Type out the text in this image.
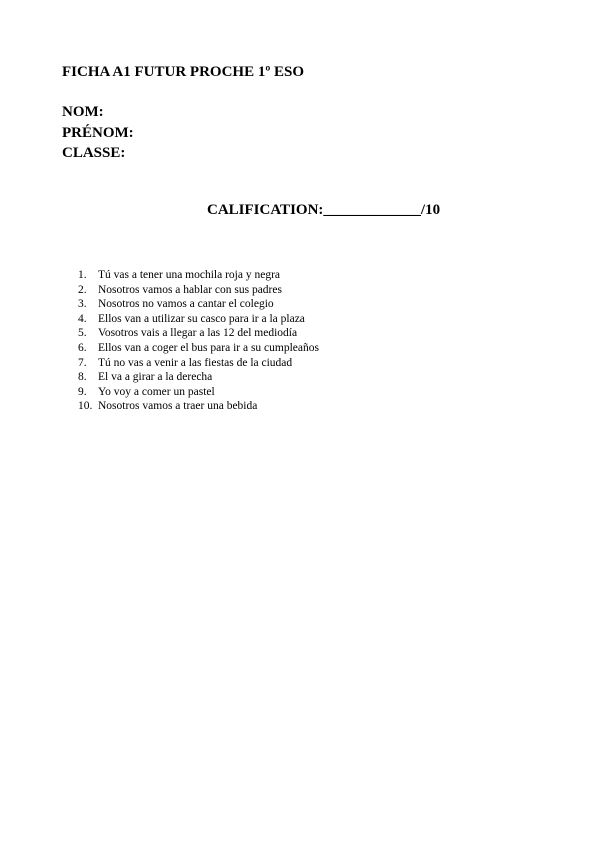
FICHA A1 FUTUR PROCHE 1º ESO
NOM:
PRÉNOM:
CLASSE:
CALIFICATION:_____________/10
1. Tú vas a tener una mochila roja y negra
2. Nosotros vamos a hablar con sus padres
3. Nosotros no vamos a cantar el colegio
4. Ellos van a utilizar su casco para ir a la plaza
5. Vosotros vais a llegar a las 12 del mediodía
6. Ellos van a coger el bus para ir a su cumpleaños
7. Tú no vas a venir a las fiestas de la ciudad
8. El va a girar a la derecha
9. Yo voy a comer un pastel
10. Nosotros vamos a traer una bebida
